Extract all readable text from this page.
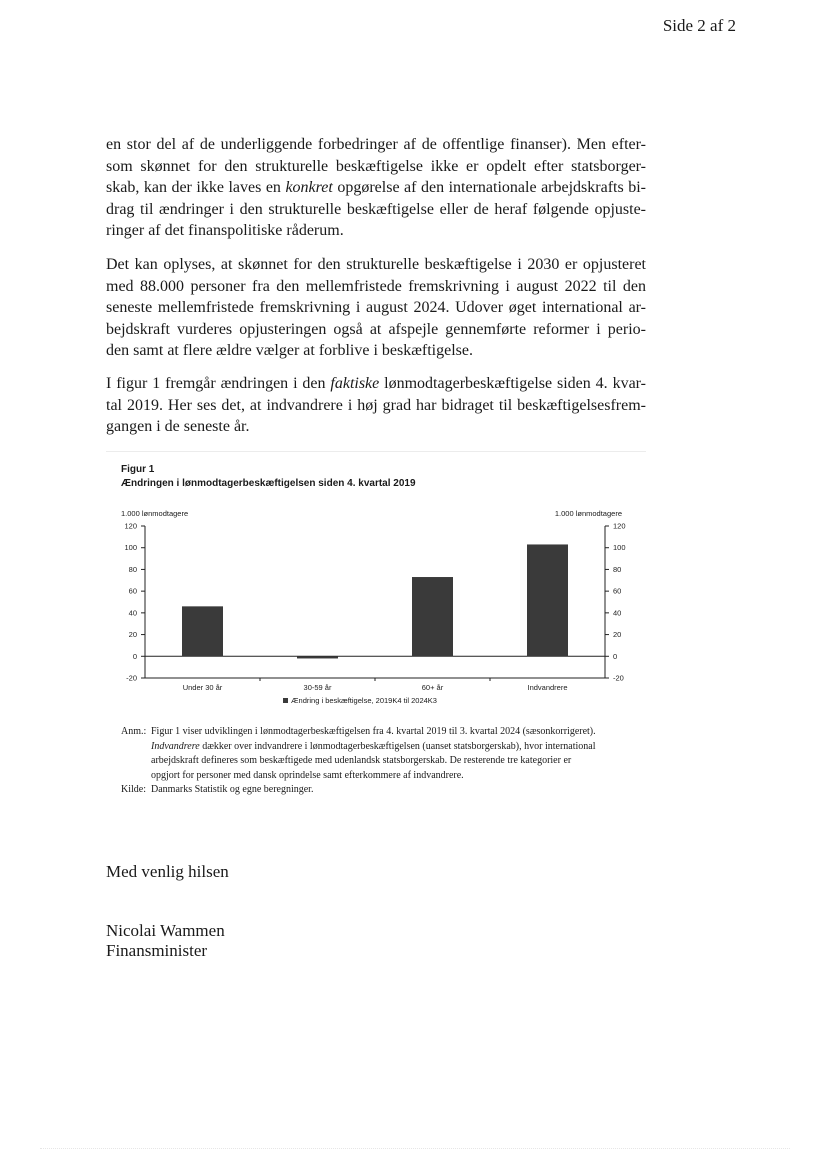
Side 2 af 2
en stor del af de underliggende forbedringer af de offentlige finanser). Men efter-
som skønnet for den strukturelle beskæftigelse ikke er opdelt efter statsborger-
skab, kan der ikke laves en konkret opgørelse af den internationale arbejdskrafts bi-
drag til ændringer i den strukturelle beskæftigelse eller de heraf følgende opjuste-
ringer af det finanspolitiske råderum.
Det kan oplyses, at skønnet for den strukturelle beskæftigelse i 2030 er opjusteret
med 88.000 personer fra den mellemfristede fremskrivning i august 2022 til den
seneste mellemfristede fremskrivning i august 2024. Udover øget international ar-
bejdskraft vurderes opjusteringen også at afspejle gennemførte reformer i perio-
den samt at flere ældre vælger at forblive i beskæftigelse.
I figur 1 fremgår ændringen i den faktiske lønmodtagerbeskæftigelse siden 4. kvar-
tal 2019. Her ses det, at indvandrere i høj grad har bidraget til beskæftigelsesfrem-
gangen i de seneste år.
Figur 1
Ændringen i lønmodtagerbeskæftigelsen siden 4. kvartal 2019
1.000 lønmodtagere	1.000 lønmodtagere
-20	-20
0	0
20	20
40	40
60	60
80	80
100	100
120	120
Under 30 år	30-59 år	60+ år	Indvandrere
Ændring i beskæftigelse, 2019K4 til 2024K3
Anm.: Figur 1 viser udviklingen i lønmodtagerbeskæftigelsen fra 4. kvartal 2019 til 3. kvartal 2024 (sæsonkorrigeret).
Indvandrere dækker over indvandrere i lønmodtagerbeskæftigelsen (uanset statsborgerskab), hvor international
arbejdskraft defineres som beskæftigede med udenlandsk statsborgerskab. De resterende tre kategorier er
opgjort for personer med dansk oprindelse samt efterkommere af indvandrere.
Kilde: Danmarks Statistik og egne beregninger.
Med venlig hilsen
Nicolai Wammen
Finansminister
